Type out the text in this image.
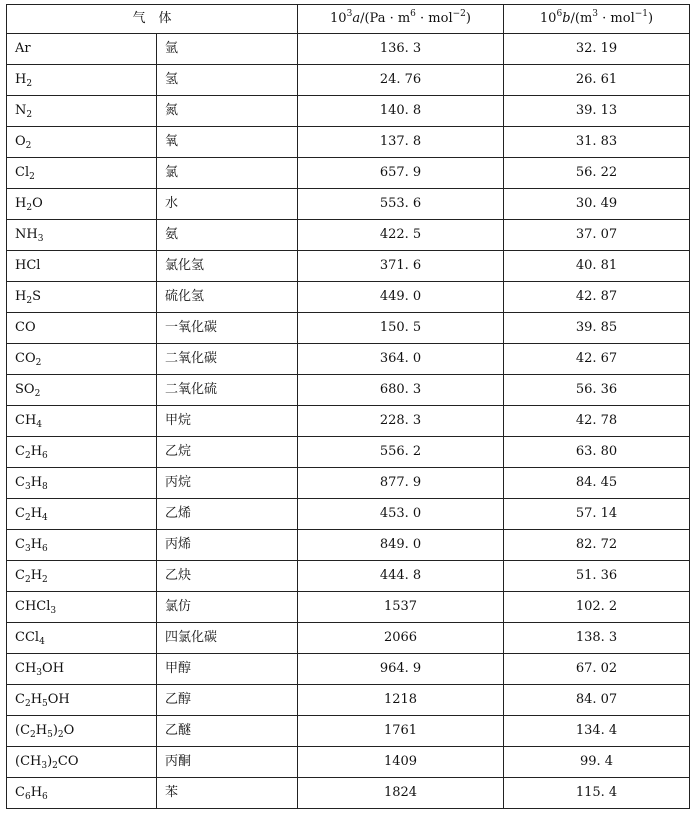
气　体		$10^3a/(Pa \cdot m^6 \cdot mol^{-2})$	$10^6b/(m^3 \cdot mol^{-1})$
Ar	氩	136. 3	32. 19
$H_2$	氢	24. 76	26. 61
$N_2$	氮	140. 8	39. 13
$O_2$	氧	137. 8	31. 83
$Cl_2$	氯	657. 9	56. 22
$H_2O$	水	553. 6	30. 49
$NH_3$	氨	422. 5	37. 07
HCl	氯化氢	371. 6	40. 81
$H_2S$	硫化氢	449. 0	42. 87
CO	一氧化碳	150. 5	39. 85
$CO_2$	二氧化碳	364. 0	42. 67
$SO_2$	二氧化硫	680. 3	56. 36
$CH_4$	甲烷	228. 3	42. 78
$C_2H_6$	乙烷	556. 2	63. 80
$C_3H_8$	丙烷	877. 9	84. 45
$C_2H_4$	乙烯	453. 0	57. 14
$C_3H_6$	丙烯	849. 0	82. 72
$C_2H_2$	乙炔	444. 8	51. 36
CHCl$_3$	氯仿	1537	102. 2
CCl$_4$	四氯化碳	2066	138. 3
$CH_3OH$	甲醇	964. 9	67. 02
$C_2H_5OH$	乙醇	1218	84. 07
$(C_2H_5)_2O$	乙醚	1761	134. 4
$(CH_3)_2CO$	丙酮	1409	99. 4
$C_6H_6$	苯	1824	115. 4
